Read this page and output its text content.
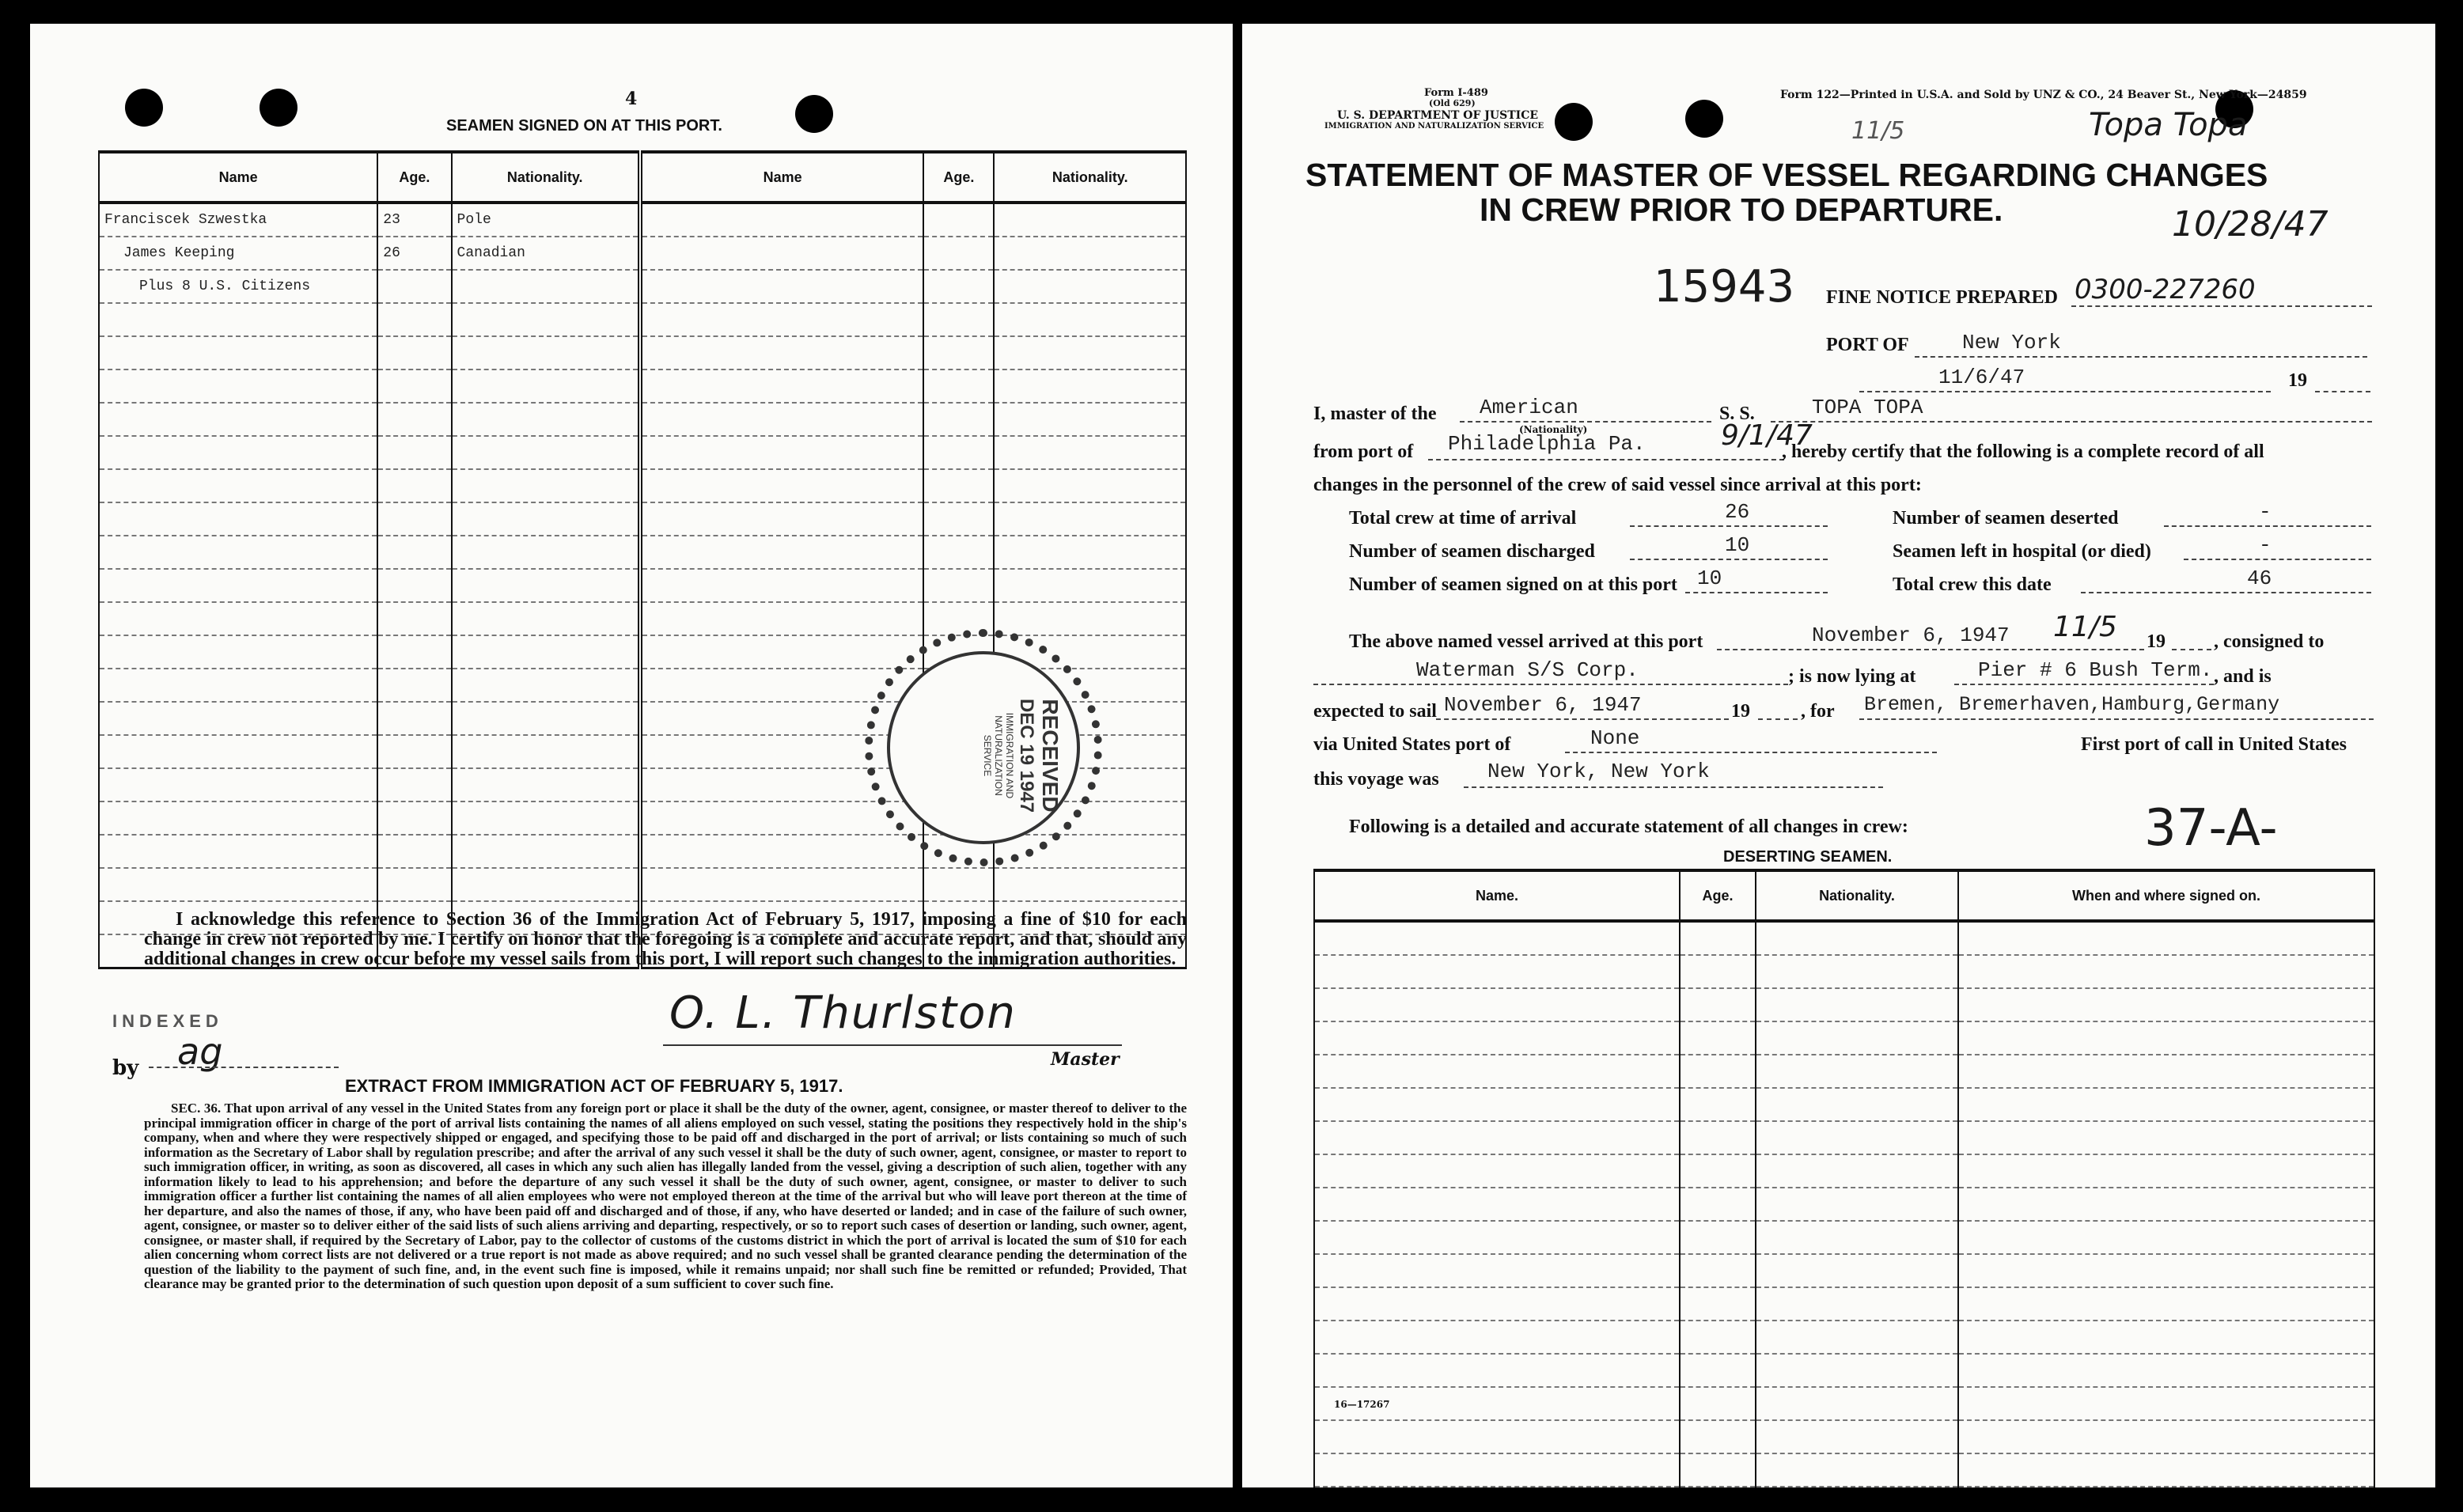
4
SEAMEN SIGNED ON AT THIS PORT.
Name	Age.	Nationality.	Name	Age.	Nationality.
Franciscek Szwestka	23	Pole			
James Keeping	26	Canadian			
Plus 8 U.S. Citizens					

RECEIVED
DEC 19 1947
IMMIGRATION AND
NATURALIZATION
SERVICE
I acknowledge this reference to Section 36 of the Immigration Act of February 5, 1917, imposing a fine of $10 for each change in crew not reported by me. I certify on honor that the foregoing is a complete and accurate report, and that, should any additional changes in crew occur before my vessel sails from this port, I will report such changes to the immigration authorities.
INDEXED
by ag
O. L. Thurlston
Master
EXTRACT FROM IMMIGRATION ACT OF FEBRUARY 5, 1917.
SEC. 36. That upon arrival of any vessel in the United States from any foreign port or place it shall be the duty of the owner, agent, consignee, or master thereof to deliver to the principal immigration officer in charge of the port of arrival lists containing the names of all aliens employed on such vessel, stating the positions they respectively hold in the ship's company, when and where they were respectively shipped or engaged, and specifying those to be paid off and discharged in the port of arrival; or lists containing so much of such information as the Secretary of Labor shall by regulation prescribe; and after the arrival of any such vessel it shall be the duty of such owner, agent, consignee, or master to report to such immigration officer, in writing, as soon as discovered, all cases in which any such alien has illegally landed from the vessel, giving a description of such alien, together with any information likely to lead to his apprehension; and before the departure of any such vessel it shall be the duty of such owner, agent, consignee, or master to deliver to such immigration officer a further list containing the names of all alien employees who were not employed thereon at the time of the arrival but who will leave port thereon at the time of her departure, and also the names of those, if any, who have been paid off and discharged and of those, if any, who have deserted or landed; and in case of the failure of such owner, agent, consignee, or master so to deliver either of the said lists of such aliens arriving and departing, respectively, or so to report such cases of desertion or landing, such owner, agent, consignee, or master shall, if required by the Secretary of Labor, pay to the collector of customs of the customs district in which the port of arrival is located the sum of $10 for each alien concerning whom correct lists are not delivered or a true report is not made as above required; and no such vessel shall be granted clearance pending the determination of the question of the liability to the payment of such fine, and, in the event such fine is imposed, while it remains unpaid; nor shall such fine be remitted or refunded; Provided, That clearance may be granted prior to the determination of such question upon deposit of a sum sufficient to cover such fine.
Form I-489
(Old 629)
U. S. DEPARTMENT OF JUSTICE
IMMIGRATION AND NATURALIZATION SERVICE
Form 122—Printed in U.S.A. and Sold by UNZ & CO., 24 Beaver St., New York—24859
Topa Topa
10/28/47
11/5
STATEMENT OF MASTER OF VESSEL REGARDING CHANGES
IN CREW PRIOR TO DEPARTURE.
15943 FINE NOTICE PREPARED 0300-227260
PORT OF	New York
11/6/47	19
I, master of the American
(Nationality)
S. S.	TOPA TOPA
from port of Philadelphia Pa.	9/1/47
, hereby certify that the following is a complete record of all
changes in the personnel of the crew of said vessel since arrival at this port:
Total crew at time of arrival	26	Number of seamen deserted	-
Number of seamen discharged	10	Seamen left in hospital (or died)	-
Number of seamen signed on at this port 10	Total crew this date	46
The above named vessel arrived at this port	November 6, 1947 11/5 19	, consigned to
Waterman S/S Corp.	; is now lying at	Pier # 6 Bush Term. , and is
expected to sail November 6, 1947	19	, for Bremen, Bremerhaven,Hamburg,Germany
via United States port of	None	First port of call in United States
this voyage was New York, New York
Following is a detailed and accurate statement of all changes in crew:
DESERTING SEAMEN.	37-A-
Name.	Age.	Nationality.	When and where signed on.

16—17267
